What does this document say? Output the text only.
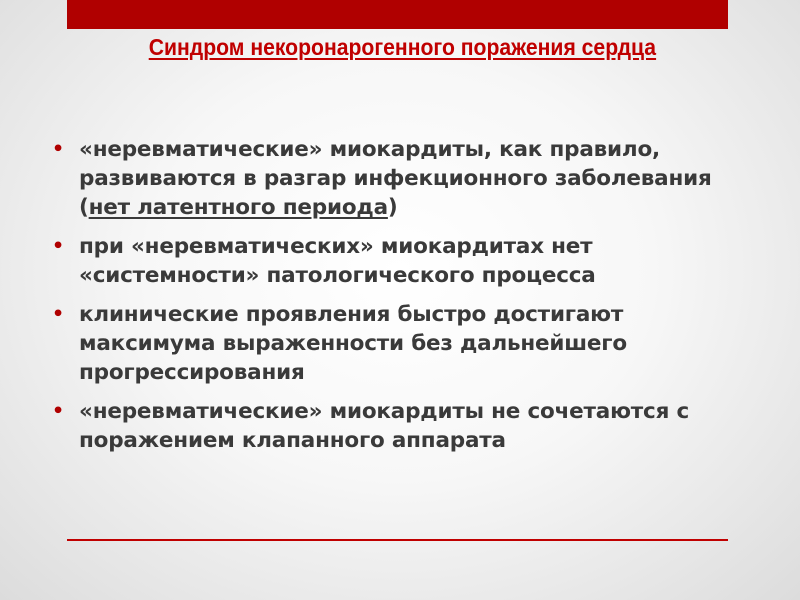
Синдром некоронарогенного поражения сердца
• «неревматические» миокардиты, как правило, развиваются в разгар инфекционного заболевания (нет латентного периода)
• при «неревматических» миокардитах нет «системности» патологического процесса
• клинические проявления быстро достигают максимума выраженности без дальнейшего прогрессирования
• «неревматические» миокардиты не сочетаются с поражением клапанного аппарата
